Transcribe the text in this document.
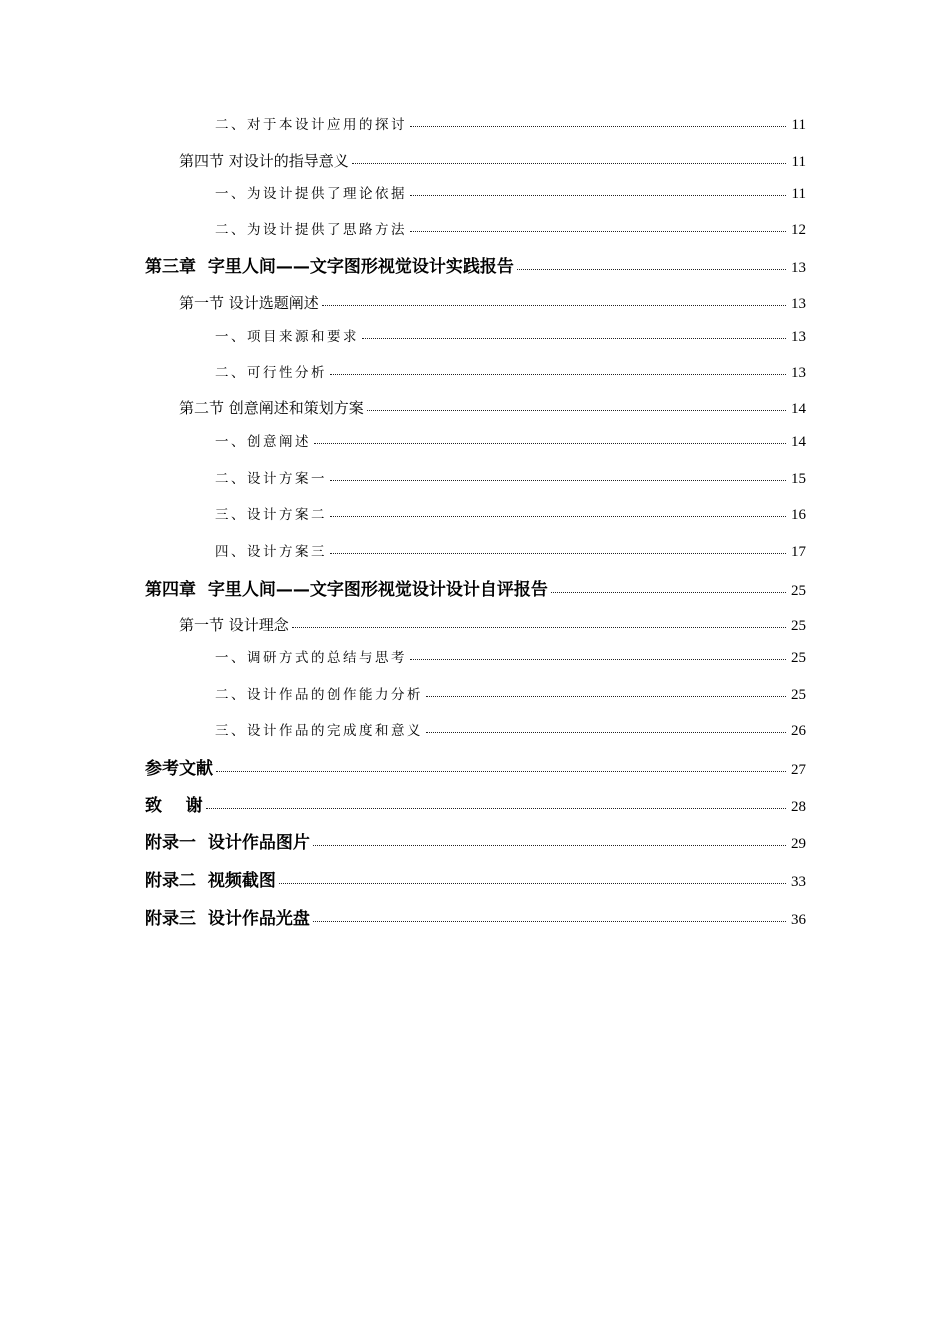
二、对于本设计应用的探讨	11
第四节 对设计的指导意义	11
一、为设计提供了理论依据	11
二、为设计提供了思路方法	12
第三章  字里人间——文字图形视觉设计实践报告	13
第一节 设计选题阐述	13
一、项目来源和要求	13
二、可行性分析	13
第二节 创意阐述和策划方案	14
一、创意阐述	14
二、设计方案一	15
三、设计方案二	16
四、设计方案三	17
第四章  字里人间——文字图形视觉设计设计自评报告	25
第一节 设计理念	25
一、调研方式的总结与思考	25
二、设计作品的创作能力分析	25
三、设计作品的完成度和意义	26
参考文献	27
致    谢	28
附录一  设计作品图片	29
附录二  视频截图	33
附录三  设计作品光盘	36
